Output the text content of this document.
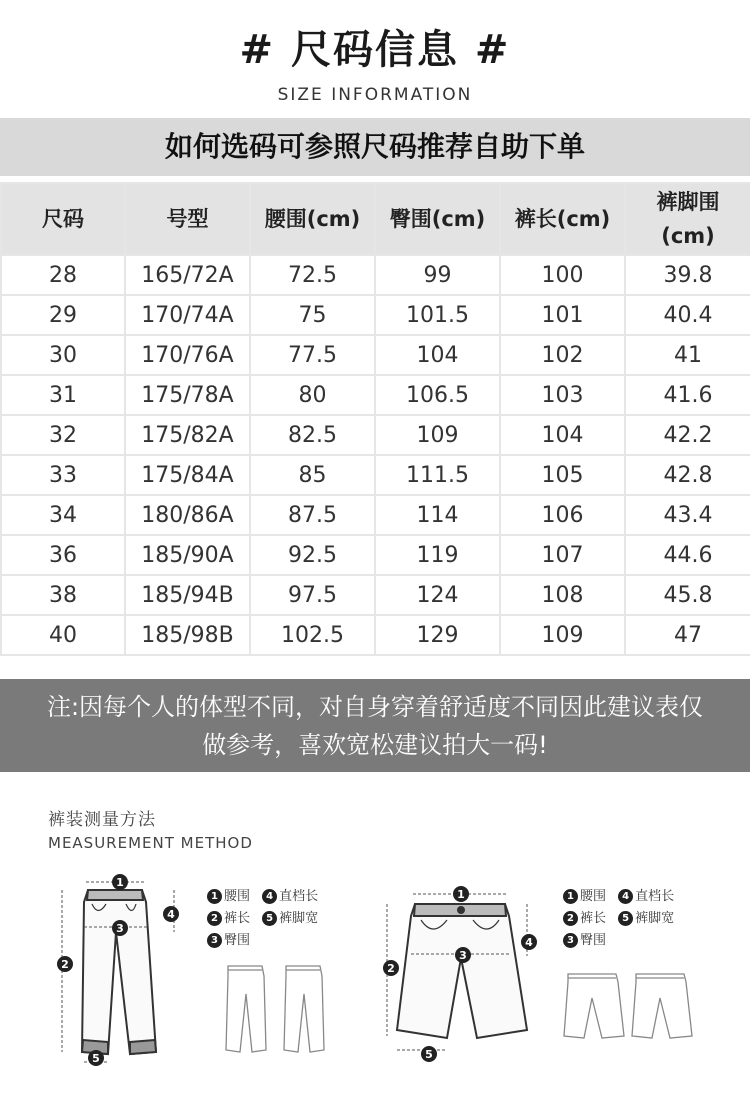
# 尺码信息 #
SIZE INFORMATION
如何选码可参照尺码推荐自助下单
尺码	号型	腰围(cm)	臀围(cm)	裤长(cm)	裤脚围(cm)
28	165/72A	72.5	99	100	39.8
29	170/74A	75	101.5	101	40.4
30	170/76A	77.5	104	102	41
31	175/78A	80	106.5	103	41.6
32	175/82A	82.5	109	104	42.2
33	175/84A	85	111.5	105	42.8
34	180/86A	87.5	114	106	43.4
36	185/90A	92.5	119	107	44.6
38	185/94B	97.5	124	108	45.8
40	185/98B	102.5	129	109	47
注:因每个人的体型不同，对自身穿着舒适度不同因此建议表仅
做参考，喜欢宽松建议拍大一码!
裤装测量方法
MEASUREMENT METHOD
1
2
3
4
5
1 腰围 4 直档长
2 裤长 5 裤脚宽
3 臀围
1
2
3
4
5
1 腰围 4 直档长
2 裤长 5 裤脚宽
3 臀围
